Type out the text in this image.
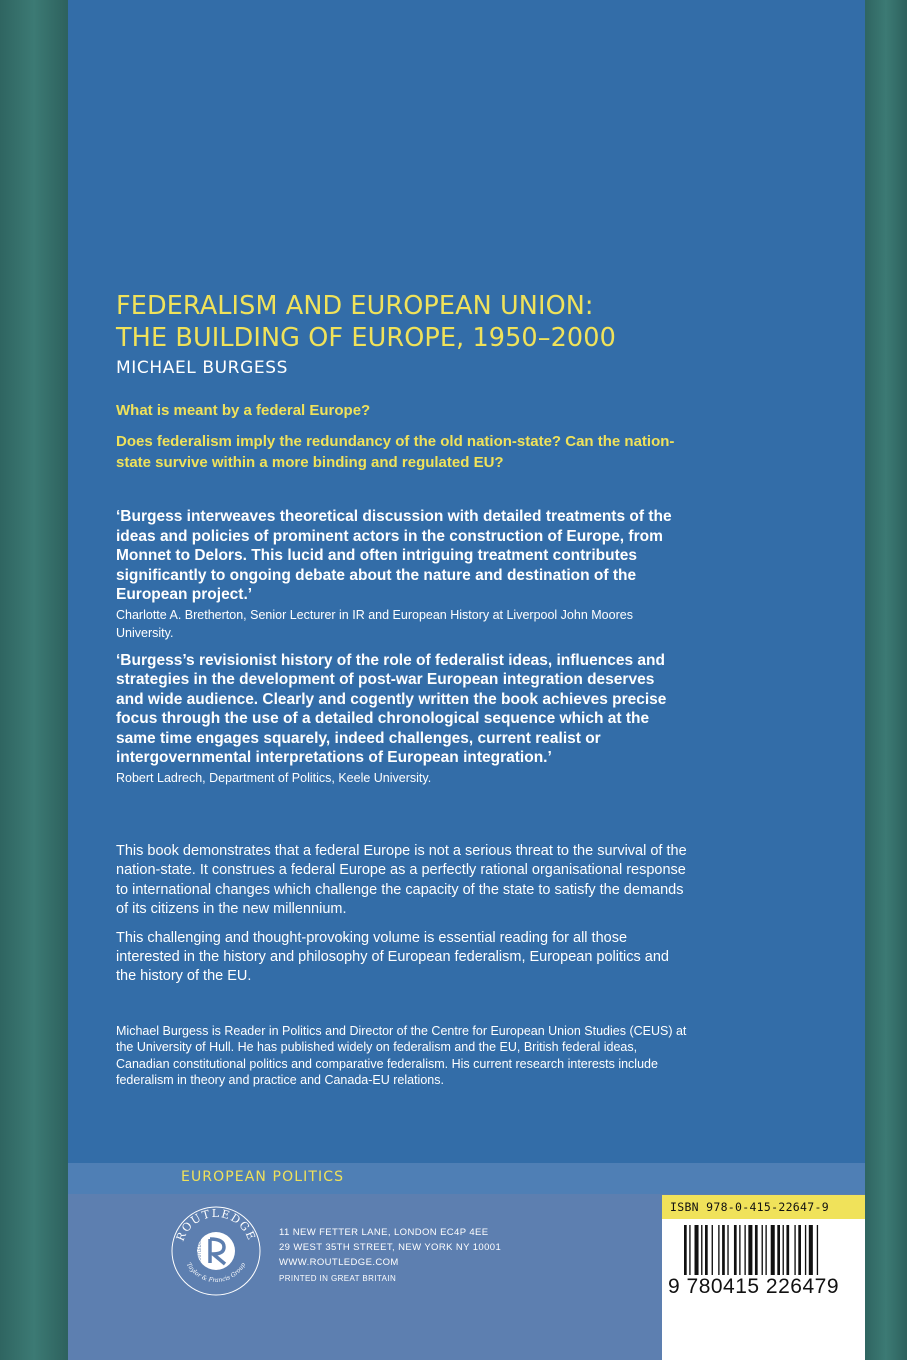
FEDERALISM AND EUROPEAN UNION:
THE BUILDING OF EUROPE, 1950–2000
MICHAEL BURGESS
What is meant by a federal Europe?
Does federalism imply the redundancy of the old nation-state? Can the nation-state survive within a more binding and regulated EU?
‘Burgess interweaves theoretical discussion with detailed treatments of the ideas and policies of prominent actors in the construction of Europe, from Monnet to Delors. This lucid and often intriguing treatment contributes significantly to ongoing debate about the nature and destination of the European project.’
Charlotte A. Bretherton, Senior Lecturer in IR and European History at Liverpool John Moores University.
‘Burgess’s revisionist history of the role of federalist ideas, influences and strategies in the development of post-war European integration deserves and wide audience. Clearly and cogently written the book achieves precise focus through the use of a detailed chronological sequence which at the same time engages squarely, indeed challenges, current realist or intergovernmental interpretations of European integration.’
Robert Ladrech, Department of Politics, Keele University.

This book demonstrates that a federal Europe is not a serious threat to the survival of the nation-state. It construes a federal Europe as a perfectly rational organisational response to international changes which challenge the capacity of the state to satisfy the demands of its citizens in the new millennium.

This challenging and thought-provoking volume is essential reading for all those interested in the history and philosophy of European federalism, European politics and the history of the EU.

Michael Burgess is Reader in Politics and Director of the Centre for European Union Studies (CEUS) at the University of Hull. He has published widely on federalism and the EU, British federal ideas, Canadian constitutional politics and comparative federalism. His current research interests include federalism in theory and practice and Canada-EU relations.
EUROPEAN POLITICS
ROUTLEDGE
Taylor & Francis Group
ROUTLEDGE
11 NEW FETTER LANE, LONDON EC4P 4EE
29 WEST 35TH STREET, NEW YORK NY 10001
WWW.ROUTLEDGE.COM
PRINTED IN GREAT BRITAIN
ISBN 978-0-415-22647-9
9 780415 226479
